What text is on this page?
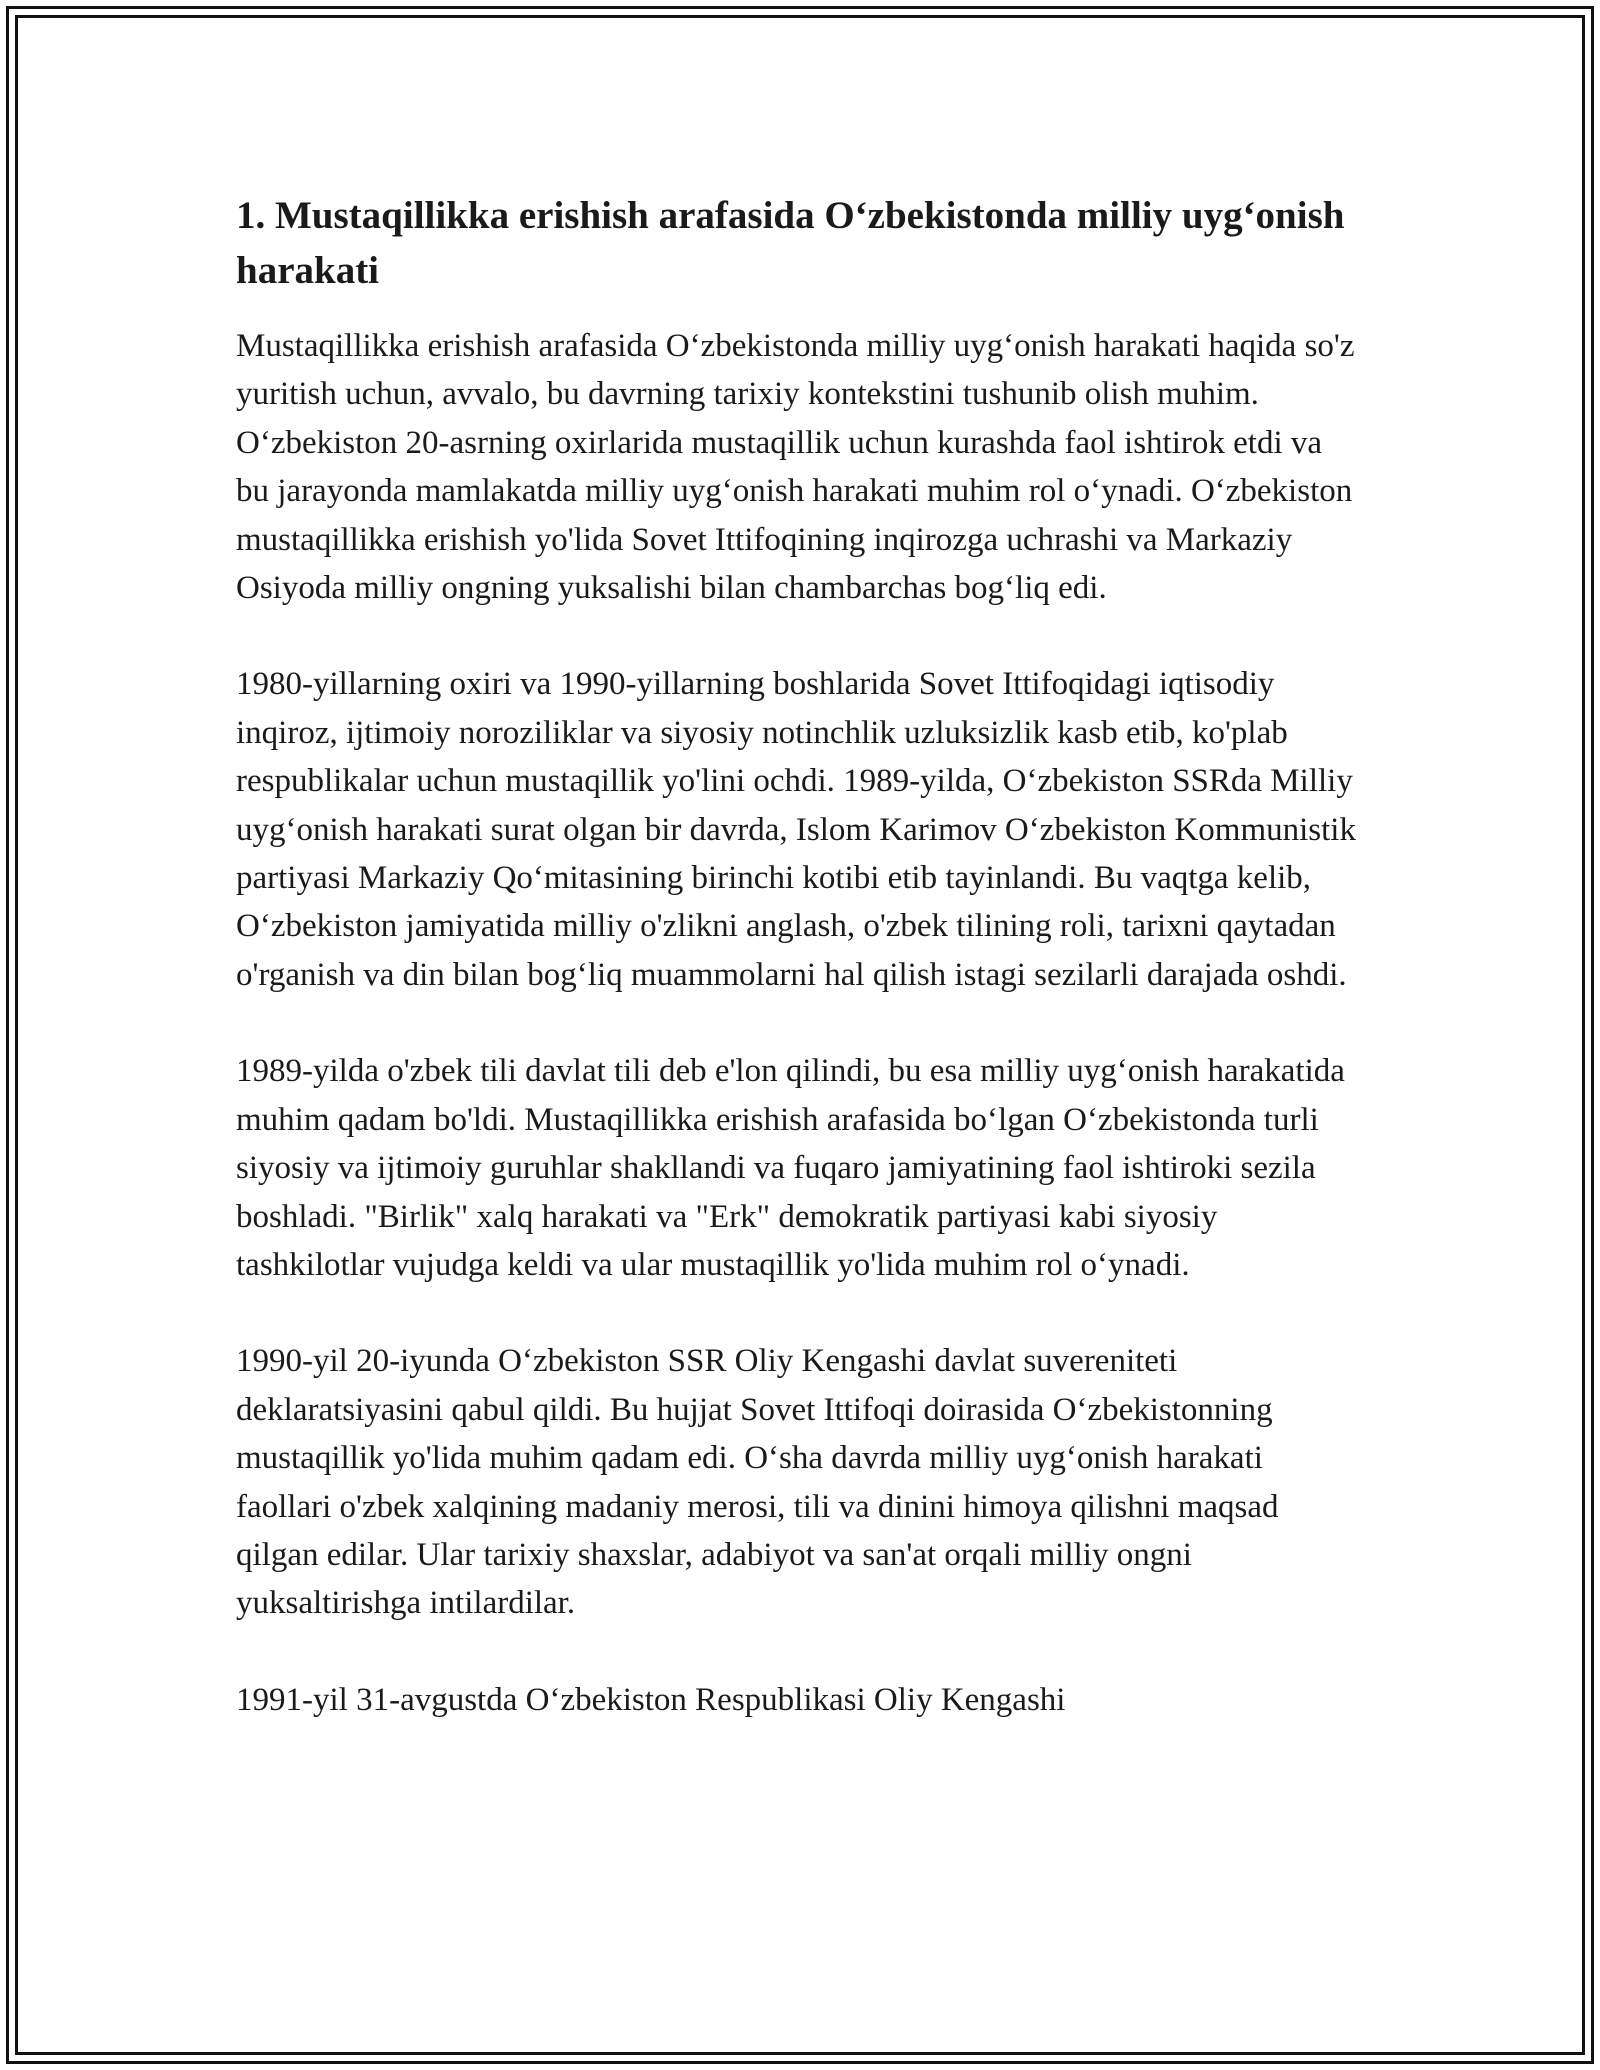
1. Mustaqillikka erishish arafasida O‘zbekistonda milliy uyg‘onish harakati

Mustaqillikka erishish arafasida O‘zbekistonda milliy uyg‘onish harakati haqida so'z yuritish uchun, avvalo, bu davrning tarixiy kontekstini tushunib olish muhim. O‘zbekiston 20-asrning oxirlarida mustaqillik uchun kurashda faol ishtirok etdi va bu jarayonda mamlakatda milliy uyg‘onish harakati muhim rol o‘ynadi. O‘zbekiston mustaqillikka erishish yo'lida Sovet Ittifoqining inqirozga uchrashi va Markaziy Osiyoda milliy ongning yuksalishi bilan chambarchas bog‘liq edi.

1980-yillarning oxiri va 1990-yillarning boshlarida Sovet Ittifoqidagi iqtisodiy inqiroz, ijtimoiy noroziliklar va siyosiy notinchlik uzluksizlik kasb etib, ko'plab respublikalar uchun mustaqillik yo'lini ochdi. 1989-yilda, O‘zbekiston SSRda Milliy uyg‘onish harakati surat olgan bir davrda, Islom Karimov O‘zbekiston Kommunistik partiyasi Markaziy Qo‘mitasining birinchi kotibi etib tayinlandi. Bu vaqtga kelib, O‘zbekiston jamiyatida milliy o'zlikni anglash, o'zbek tilining roli, tarixni qaytadan o'rganish va din bilan bog‘liq muammolarni hal qilish istagi sezilarli darajada oshdi.

1989-yilda o'zbek tili davlat tili deb e'lon qilindi, bu esa milliy uyg‘onish harakatida muhim qadam bo'ldi. Mustaqillikka erishish arafasida bo‘lgan O‘zbekistonda turli siyosiy va ijtimoiy guruhlar shakllandi va fuqaro jamiyatining faol ishtiroki sezila boshladi. "Birlik" xalq harakati va "Erk" demokratik partiyasi kabi siyosiy tashkilotlar vujudga keldi va ular mustaqillik yo'lida muhim rol o‘ynadi.

1990-yil 20-iyunda O‘zbekiston SSR Oliy Kengashi davlat suvereniteti deklaratsiyasini qabul qildi. Bu hujjat Sovet Ittifoqi doirasida O‘zbekistonning mustaqillik yo'lida muhim qadam edi. O‘sha davrda milliy uyg‘onish harakati faollari o'zbek xalqining madaniy merosi, tili va dinini himoya qilishni maqsad qilgan edilar. Ular tarixiy shaxslar, adabiyot va san'at orqali milliy ongni yuksaltirishga intilardilar.

1991-yil 31-avgustda O‘zbekiston Respublikasi Oliy Kengashi
